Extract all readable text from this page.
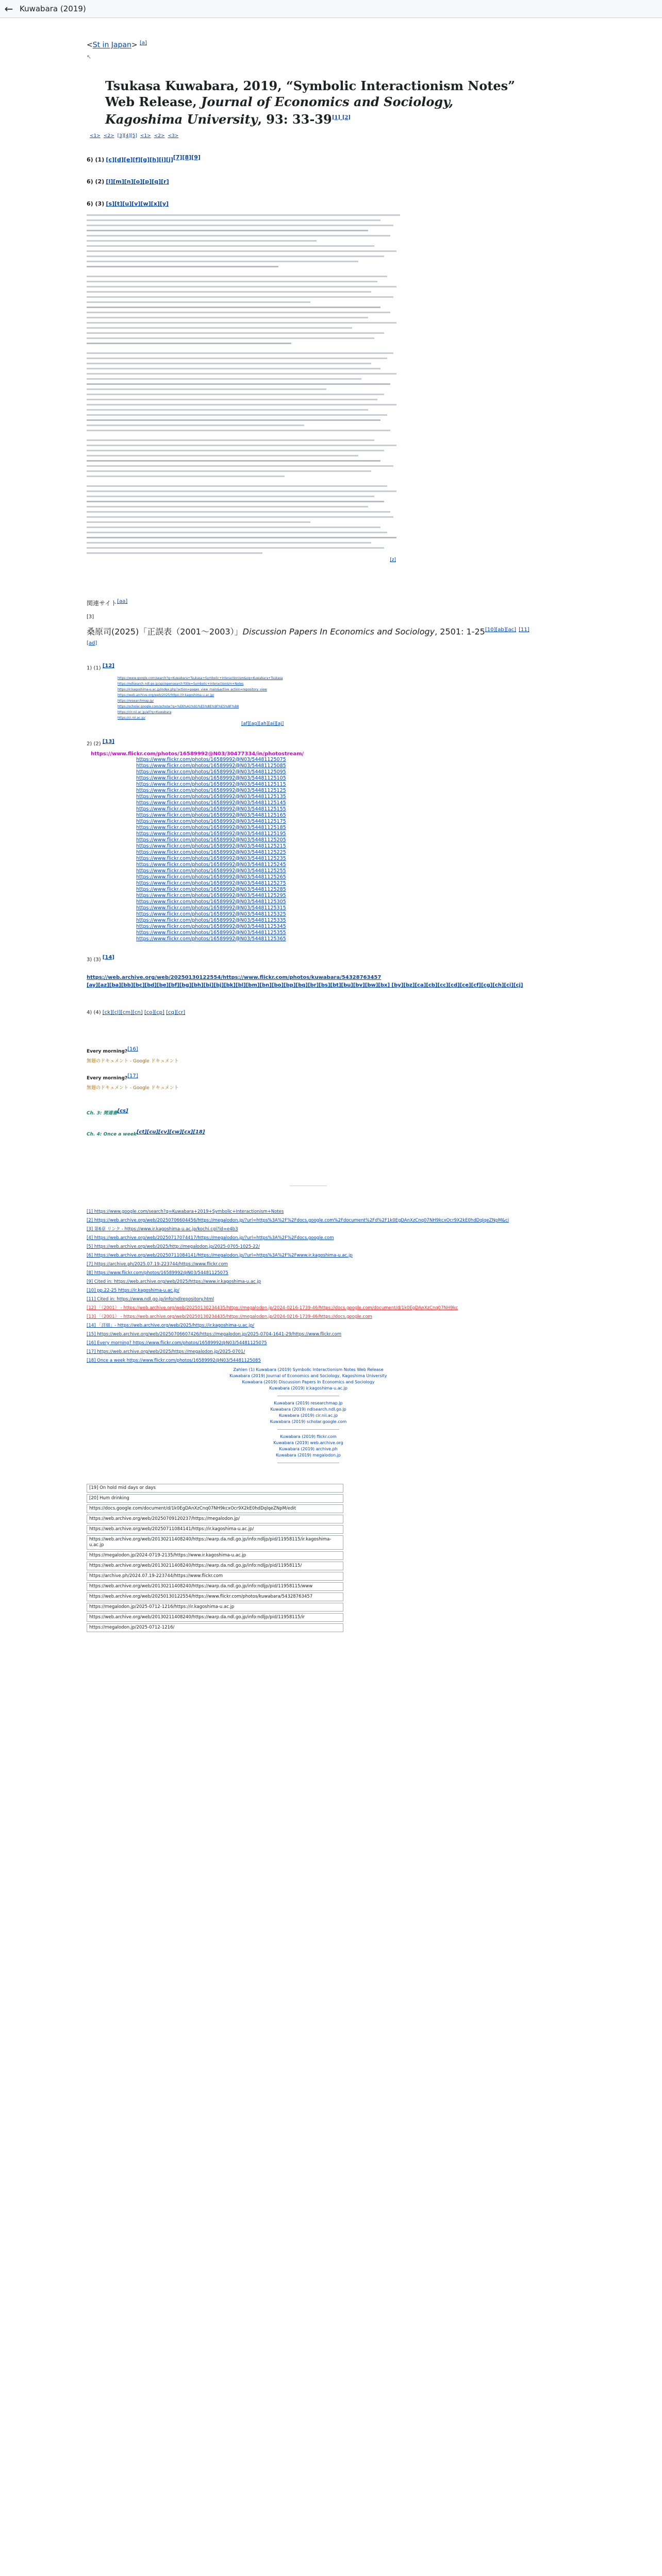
← Kuwabara (2019)
<St in Japan> [a]
↖
Tsukasa Kuwabara, 2019, “Symbolic Interactionism Notes” Web Release, Journal of Economics and Sociology, Kagoshima University, 93: 33-39[1] [2]
<1> <2> [3][4][5] <1> <2> <3>
6) (1) [c][d][e][f][g][h][i][j][7][8][9]
6) (2) [l][m][n][o][p][q][r]
6) (3) [s][t][u][v][w][x][y]
[z]
関連サイト[aa]
[3]
桑原司(2025)「正誤表（2001〜2003）」Discussion Papers In Economics and Sociology, 2501: 1-25[10][ab][ac] [11][ad]
1) (1) [12]
https://www.google.com/search?q=Kuwabara+Tsukasa+Symbolic+Interactionism&oq=Kuwabara+Tsukasa
https://ndlsearch.ndl.go.jp/api/opensearch?title=Symbolic+Interactionism+Notes
https://ir.kagoshima-u.ac.jp/index.php?action=pages_view_main&active_action=repository_view
https://web.archive.org/web/2025/https://ir.kagoshima-u.ac.jp/
https://researchmap.jp/
https://scholar.google.com/scholar?q=%E6%A1%91%E5%8E%9F%E5%8F%B8
https://cir.nii.ac.jp/all?q=Kuwabara
https://ci.nii.ac.jp/
[af][ag][ah][ai][aj]
2) (2) [13]
https://www.flickr.com/photos/16589992@N03/30477334/in/photostream/
https://www.flickr.com/photos/16589992@N03/54481125075
https://www.flickr.com/photos/16589992@N03/54481125085
https://www.flickr.com/photos/16589992@N03/54481125095
https://www.flickr.com/photos/16589992@N03/54481125105
https://www.flickr.com/photos/16589992@N03/54481125115
https://www.flickr.com/photos/16589992@N03/54481125125
https://www.flickr.com/photos/16589992@N03/54481125135
https://www.flickr.com/photos/16589992@N03/54481125145
https://www.flickr.com/photos/16589992@N03/54481125155
https://www.flickr.com/photos/16589992@N03/54481125165
https://www.flickr.com/photos/16589992@N03/54481125175
https://www.flickr.com/photos/16589992@N03/54481125185
https://www.flickr.com/photos/16589992@N03/54481125195
https://www.flickr.com/photos/16589992@N03/54481125205
https://www.flickr.com/photos/16589992@N03/54481125215
https://www.flickr.com/photos/16589992@N03/54481125225
https://www.flickr.com/photos/16589992@N03/54481125235
https://www.flickr.com/photos/16589992@N03/54481125245
https://www.flickr.com/photos/16589992@N03/54481125255
https://www.flickr.com/photos/16589992@N03/54481125265
https://www.flickr.com/photos/16589992@N03/54481125275
https://www.flickr.com/photos/16589992@N03/54481125285
https://www.flickr.com/photos/16589992@N03/54481125295
https://www.flickr.com/photos/16589992@N03/54481125305
https://www.flickr.com/photos/16589992@N03/54481125315
https://www.flickr.com/photos/16589992@N03/54481125325
https://www.flickr.com/photos/16589992@N03/54481125335
https://www.flickr.com/photos/16589992@N03/54481125345
https://www.flickr.com/photos/16589992@N03/54481125355
https://www.flickr.com/photos/16589992@N03/54481125365
3) (3) [14]
https://web.archive.org/web/20250130122554/https://www.flickr.com/photos/kuwabara/54328763457
[ay][az][ba][bb][bc][bd][be][bf][bg][bh][bi][bj][bk][bl][bm][bn][bo][bp][bq][br][bs][bt][bu][bv][bw][bx] [by][bz][ca][cb][cc][cd][ce][cf][cg][ch][ci][cj]
4) (4) [ck][cl][cm][cn] [co][cp] [cq][cr]
Every morning?[16]
無題のドキュメント - Google ドキュメント
Every morning?[17]
無題のドキュメント - Google ドキュメント
Ch. 3: 関連書[cs]
Ch. 4: Once a week[ct][cu][cv][cw][cx][18]
――――――――
[1] https://www.google.com/search?q=Kuwabara+2019+Symbolic+Interactionism+Notes
[2] https://web.archive.org/web/20250706604456/https://megalodon.jp/?url=https%3A%2F%2Fdocs.google.com%2Fdocument%2Fd%2F1k0EgDAnXzCnq07NH9kcxOcr9X2kE0hdDqlqeZNpM&ci
[3] 第6章 リンク - https://www.ir.kagoshima-u.ac.jp/kochi.cgi?id=e4b3
[4] https://web.archive.org/web/20250717074417/https://megalodon.jp/?url=https%3A%2F%2Fdocs.google.com
[5] https://web.archive.org/web/2025/http://megalodon.jp/2025-0705-1025-22/
[6] https://web.archive.org/web/20250711084141/https://megalodon.jp/?url=https%3A%2F%2Fwww.ir.kagoshima-u.ac.jp
[7] https://archive.ph/2025.07.19-223744/https://www.flickr.com
[8] https://www.flickr.com/photos/16589992@N03/54481125075
[9] Cited in: https://web.archive.org/web/2025/https://www.ir.kagoshima-u.ac.jp
[10] pp.22-25 https://ir.kagoshima-u.ac.jp/
[11] Cited in: https://www.ndl.go.jp/info/ndlrepository.html
[12] 「《2001》 - https://web.archive.org/web/20250130234435/https://megalodon.jp/2024-0216-1739-46/https://docs.google.com/document/d/1k0EgDAnXzCnq07NH9kc
[13] 「《2001》 - https://web.archive.org/web/20250130234435/https://megalodon.jp/2024-0216-1739-46/https://docs.google.com
[14] 「詳細」- https://web.archive.org/web/2025/https://ir.kagoshima-u.ac.jp/
[15] https://web.archive.org/web/20250706607426/https://megalodon.jp/2025-0704-1641-29/https://www.flickr.com
[16] Every morning? https://www.flickr.com/photos/16589992@N03/54481125075
[17] https://web.archive.org/web/2025/https://megalodon.jp/2025-0701/
[18] Once a week https://www.flickr.com/photos/16589992@N03/54481125085
Zahlen (1) Kuwabara (2019) Symbolic Interactionism Notes Web Release
Kuwabara (2019) Journal of Economics and Sociology, Kagoshima University
Kuwabara (2019) Discussion Papers In Economics and Sociology
Kuwabara (2019) ir.kagoshima-u.ac.jp
Kuwabara (2019) researchmap.jp
Kuwabara (2019) ndlsearch.ndl.go.jp
Kuwabara (2019) cir.nii.ac.jp
Kuwabara (2019) scholar.google.com
Kuwabara (2019) flickr.com
Kuwabara (2019) web.archive.org
Kuwabara (2019) archive.ph
Kuwabara (2019) megalodon.jp
[19] On hold mid days or days
[20] Hum drinking
https://docs.google.com/document/d/1k0EgDAnXzCnq07NH9kcxOcr9X2kE0hdDqlqeZNpM/edit
https://web.archive.org/web/20250709120237/https://megalodon.jp/
https://web.archive.org/web/20250711084141/https://ir.kagoshima-u.ac.jp/
https://web.archive.org/web/20130211408240/https://warp.da.ndl.go.jp/info:ndljp/pid/11958115/ir.kagoshima-u.ac.jp
https://megalodon.jp/2024-0719-2135/https://www.ir.kagoshima-u.ac.jp
https://web.archive.org/web/20130211408240/https://warp.da.ndl.go.jp/info:ndljp/pid/11958115/
https://archive.ph/2024.07.19-223744/https://www.flickr.com
https://web.archive.org/web/20130211408240/https://warp.da.ndl.go.jp/info:ndljp/pid/11958115/www
https://web.archive.org/web/20250130122554/https://www.flickr.com/photos/kuwabara/54328763457
https://megalodon.jp/2025-0712-1216/https://ir.kagoshima-u.ac.jp
https://web.archive.org/web/20130211408240/https://warp.da.ndl.go.jp/info:ndljp/pid/11958115/ir
https://megalodon.jp/2025-0712-1216/
